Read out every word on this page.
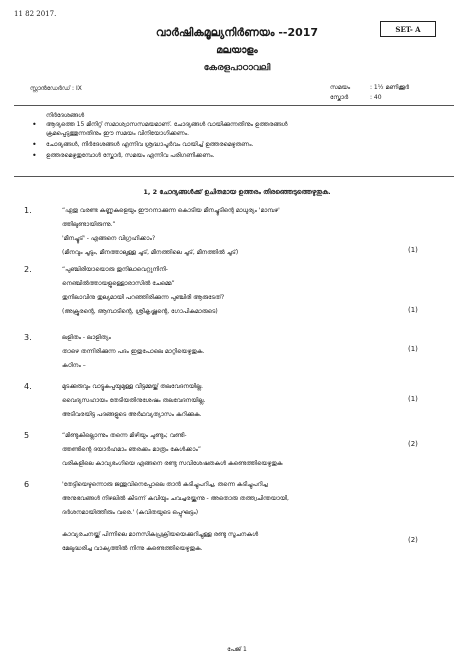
11 82 2017.
SET- A
വാർഷികമൂല്യനിർണയം --2017
മലയാളം
കേരളപാഠാവലി
സ്റ്റാൻഡേർഡ് : IX	സമയം	: 1½ മണിക്കൂർ
സ്കോർ	: 40
നിർദേശങ്ങൾ
• ആദ്യത്തെ 15 മിനിറ്റ് സമാശ്വാസസമയമാണ്. ചോദ്യങ്ങൾ വായിക്കുന്നതിനും ഉത്തരങ്ങൾ
ക്രമപ്പെടുത്തുന്നതിനും ഈ സമയം വിനിയോഗിക്കണം.
• ചോദ്യങ്ങൾ, നിർദേശങ്ങൾ എന്നിവ ശ്രദ്ധാപൂർവം വായിച്ച് ഉത്തരമെഴുതണം.
• ഉത്തരമെഴുതുമ്പോൾ സ്കോർ, സമയം എന്നിവ പരിഗണിക്കണം.
1, 2 ചോദ്യങ്ങൾക്ക് ഉചിതമായ ഉത്തരം തിരഞ്ഞെടുത്തെഴുതുക.
1.	“ഏതു വരണ്ട കണ്ണുകളെയും ഈറനാക്കുന്ന കൊടിയ മീനച്ചൂടിന്റെ മാധുര്യം 'മാമ്പഴ'
ത്തിലുണ്ടായിരുന്നു.”
'മീനച്ചൂട്' - എങ്ങനെ വിഗ്രഹിക്കാം?
(മീനവും ചൂടും, മീനത്താലുള്ള ചൂട്, മീനത്തിലെ ചൂട്, മീനത്തിൽ ചൂട്)	(1)
2.	“പുഞ്ചിരിയായൊരു തുനിലാവെറ്റുനിനി-
നെഞ്ചിൽത്തായളുള്ളൊരാസിൽ ചേമ്മെ”
തുനിലാവിനു തുല്യമായി പറഞ്ഞിരിക്കുന്ന പുഞ്ചിരി ആരുടേത്?
(അക്രൂരന്റെ, ആമ്പാടിന്റെ, ശ്രീകൃഷ്ണന്റെ, ഗോപികമാരുടെ)	(1)
3.	ലളിതം - ലാളിത്യം
താഴെ തന്നിരിക്കുന്ന പദം ഇതുപോലെ മാറ്റിയെഴുതുക.
കഠിനം –
(1)
4.	മുടക്കുരുവും വാട്ടുകപ്പയുമുള്ള വീട്ടമ്മയ്ക്ക് തലവേദനയില്ല.
വൈദ്യസഹായം തേടിയതിനുശേഷം തലവേദനയില്ല.
അടിവരയിട്ട പദങ്ങളുടെ അർഥവ്യത്യാസം കുറിക്കുക.
(1)
5	“മിണ്ടുകില്ലൊന്നും തന്നെ മിഴിയും ചുണ്ടും; വണ്ടി-
ത്തണ്ടിന്റെ ദയാർഹമാം ഞരക്കം മാത്രം കേൾക്കാം”
വരികളിലെ കാവ്യഭംഗിയെ എങ്ങനെ രണ്ടു സവിശേഷതകൾ കണ്ടെത്തിയെഴുതുക
(2)
6	'തേട്ടിയെഴുന്നൊരു ജന്തുവിനെപ്പോലെ താൻ കടിച്ചുപറിച്ച, തന്നെ കടിച്ചുപറിച്ച
അനുഭവങ്ങൾ നിഴലിൽ കിടന്ന് കവിയും ചവച്ചരയ്ക്കുന്നു - അതൊരു തത്ത്വചിന്തയായി,
ദർശനമായിത്തീരും വരെ.' (കവിതയുടെ ഒപ്പുഘട്ടം)
കാവ്യരചനയ്ക്ക് പിന്നിലെ മാനസികപ്രക്രിയയെക്കുറിച്ചുള്ള രണ്ടു സൂചനകൾ
മേലുദ്ധരിച്ച വാക്യത്തിൽ നിന്നു കണ്ടെത്തിയെഴുതുക.
(2)
പേജ് 1
